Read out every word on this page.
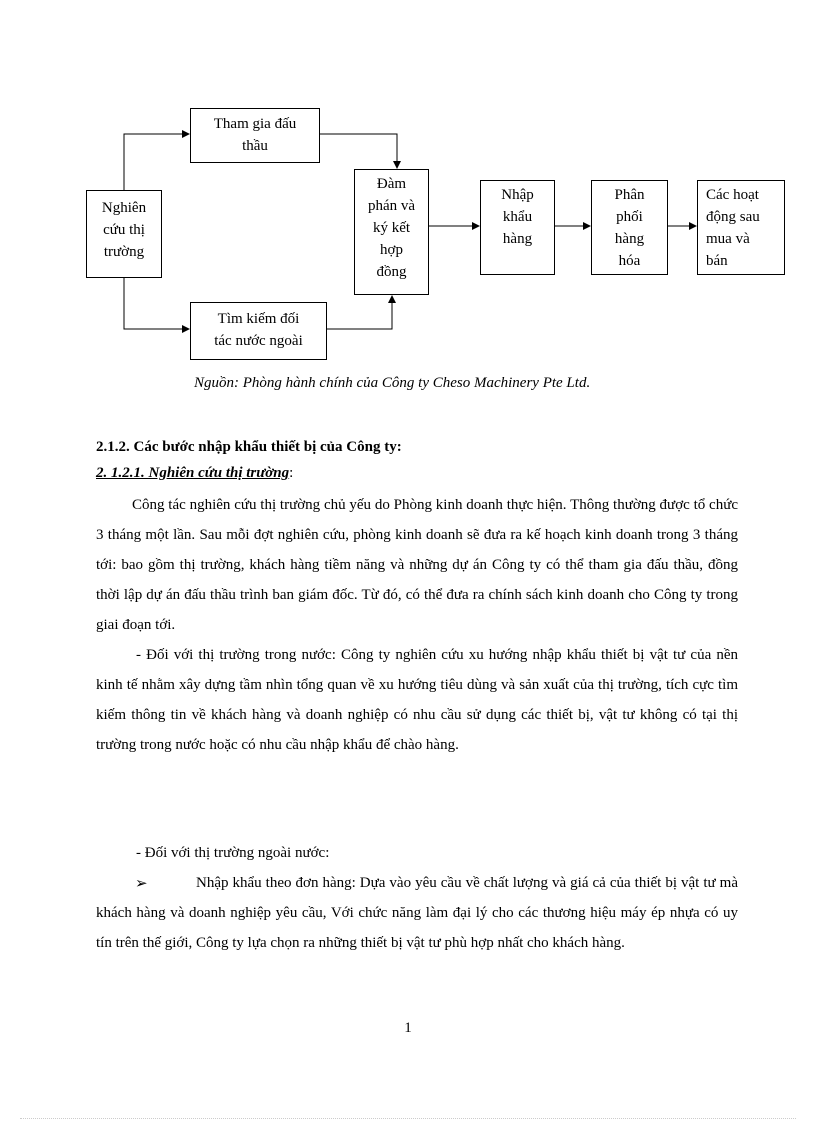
Nghiên
cứu thị
trường
Tham gia đấu
thầu
Tìm kiếm đối
tác nước ngoài
Đàm
phán và
ký kết
hợp
đồng
Nhập
khẩu
hàng
Phân
phối
hàng
hóa
Các hoạt
động sau
mua và
bán
Nguồn: Phòng hành chính của Công ty Cheso Machinery Pte Ltd.
2.1.2. Các bước nhập khẩu thiết bị của Công ty:
2. 1.2.1. Nghiên cứu thị trường:
Công tác nghiên cứu thị trường chủ yếu do Phòng kinh doanh thực hiện. Thông thường được tổ chức 3 tháng một lần. Sau mỗi đợt nghiên cứu, phòng kinh doanh sẽ đưa ra kế hoạch kinh doanh trong 3 tháng tới: bao gồm thị trường, khách hàng tiềm năng và những dự án Công ty có thể tham gia đấu thầu, đồng thời lập dự án đấu thầu trình ban giám đốc. Từ đó, có thể đưa ra chính sách kinh doanh cho Công ty trong giai đoạn tới.
- Đối với thị trường trong nước: Công ty nghiên cứu xu hướng nhập khẩu thiết bị vật tư của nền kinh tế nhằm xây dựng tầm nhìn tổng quan về xu hướng tiêu dùng và sản xuất của thị trường, tích cực tìm kiếm thông tin về khách hàng và doanh nghiệp có nhu cầu sử dụng các thiết bị, vật tư không có tại thị trường trong nước hoặc có nhu cầu nhập khẩu để chào hàng.
- Đối với thị trường ngoài nước:
➢	Nhập khẩu theo đơn hàng: Dựa vào yêu cầu về chất lượng và giá cả của thiết bị vật tư mà khách hàng và doanh nghiệp yêu cầu, Với chức năng làm đại lý cho các thương hiệu máy ép nhựa có uy tín trên thế giới, Công ty lựa chọn ra những thiết bị vật tư phù hợp nhất cho khách hàng.
1
